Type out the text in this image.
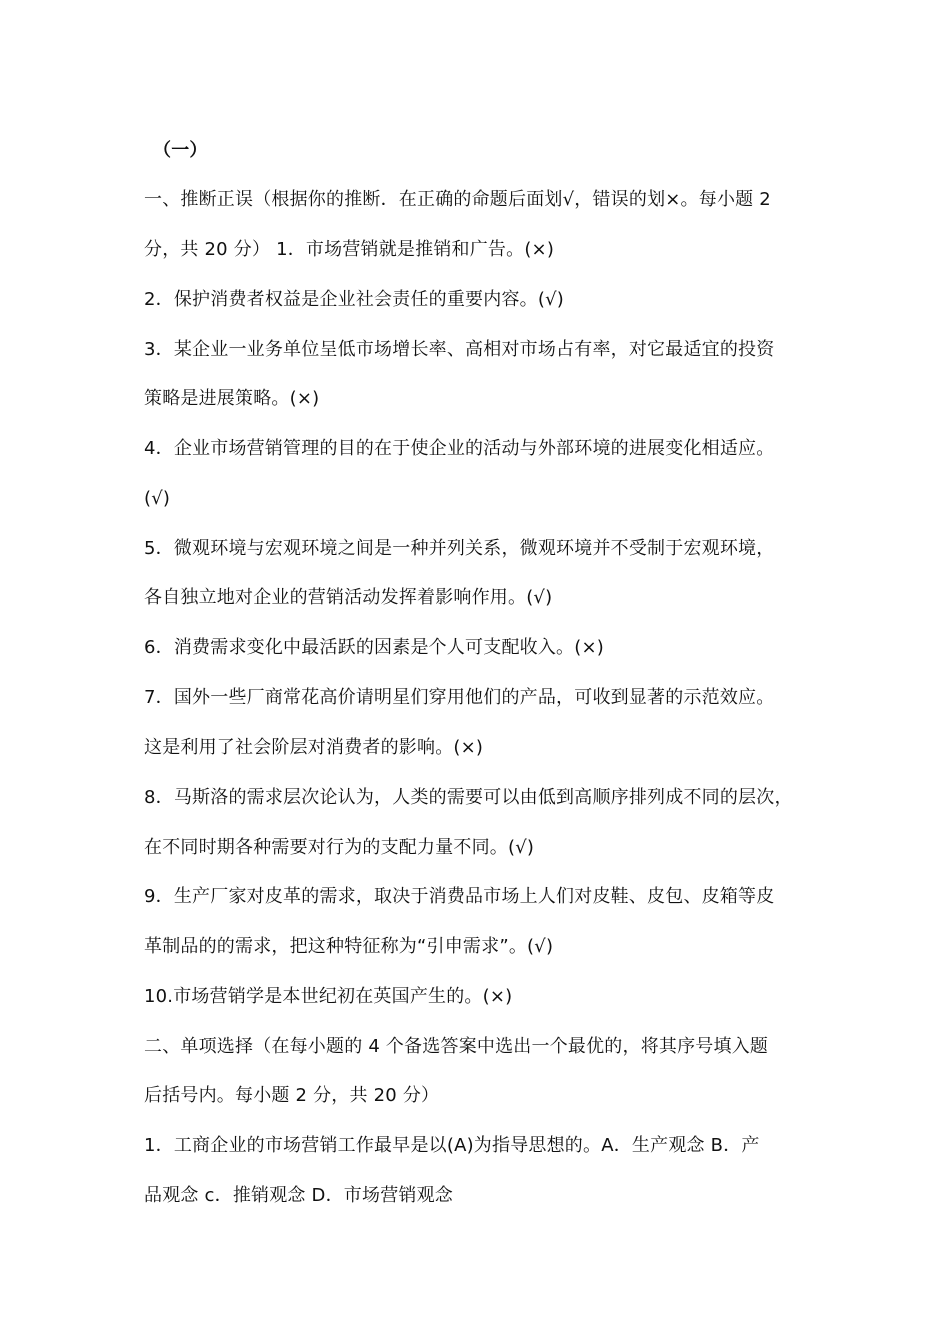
（一）
一、推断正误（根据你的推断．在正确的命题后面划√，错误的划×。每小题 2
分，共 20 分） 1．市场营销就是推销和广告。(×)
2．保护消费者权益是企业社会责任的重要内容。(√)
3．某企业一业务单位呈低市场增长率、高相对市场占有率，对它最适宜的投资
策略是进展策略。(×)
4．企业市场营销管理的目的在于使企业的活动与外部环境的进展变化相适应。
(√)
5．微观环境与宏观环境之间是一种并列关系，微观环境并不受制于宏观环境，
各自独立地对企业的营销活动发挥着影响作用。(√)
6．消费需求变化中最活跃的因素是个人可支配收入。(×)
7．国外一些厂商常花高价请明星们穿用他们的产品，可收到显著的示范效应。
这是利用了社会阶层对消费者的影响。(×)
8．马斯洛的需求层次论认为，人类的需要可以由低到高顺序排列成不同的层次，
在不同时期各种需要对行为的支配力量不同。(√)
9．生产厂家对皮革的需求，取决于消费品市场上人们对皮鞋、皮包、皮箱等皮
革制品的的需求，把这种特征称为“引申需求”。(√)
10.市场营销学是本世纪初在英国产生的。(×)
二、单项选择（在每小题的 4 个备选答案中选出一个最优的，将其序号填入题
后括号内。每小题 2 分，共 20 分）
1．工商企业的市场营销工作最早是以(A)为指导思想的。A．生产观念 B．产
品观念 c．推销观念 D．市场营销观念
